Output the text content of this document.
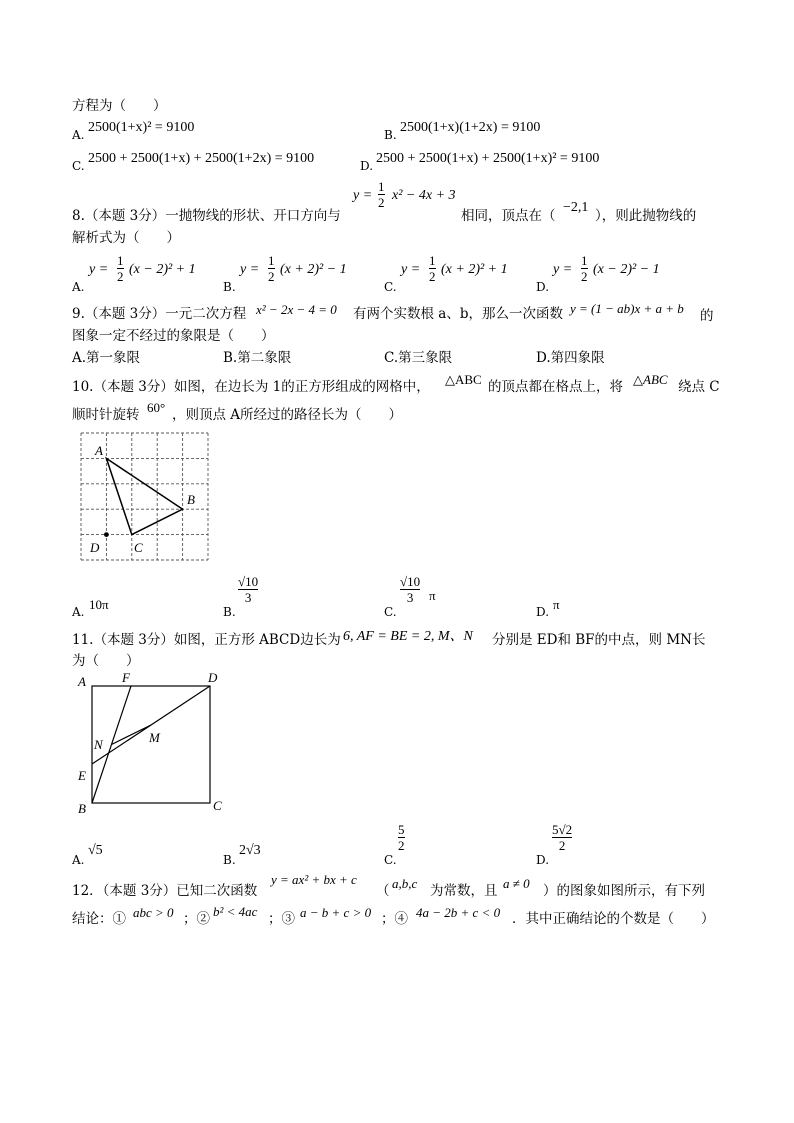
方程为（　　）
A. 2500(1+x)² = 9100	B. 2500(1+x)(1+2x) = 9100
C. 2500 + 2500(1+x) + 2500(1+2x) = 9100	D. 2500 + 2500(1+x) + 2500(1+x)² = 9100
8.（本题 3分）一抛物线的形状、开口方向与
y =
1
2 x² − 4x + 3
相同，顶点在（
−2,1
），则此抛物线的
解析式为（　　）
A.
y =
1
2 (x − 2)² + 1
B.
y =
1
2 (x + 2)² − 1
C.
y =
1
2 (x + 2)² + 1
D.
y =
1
2 (x − 2)² − 1
9.（本题 3分）一元二次方程 x² − 2x − 4 = 0 有两个实数根 a、b，那么一次函数 y = (1 − ab)x + a + b 的
图象一定不经过的象限是（　　）
A.第一象限	B.第二象限	C.第三象限	D.第四象限
10.（本题 3分）如图，在边长为 1的正方形组成的网格中， △ABC 的顶点都在格点上，将 △ABC 绕点 C
顺时针旋转 60° ，则顶点 A所经过的路径长为（　　）
A
B
C
D
A. 10π	B.
√10
3
C.
√10
3 π
D. π
11.（本题 3分）如图，正方形 ABCD边长为 6, AF = BE = 2, M、N 分别是 ED和 BF的中点，则 MN长
为（　　）
A	F	D
N	M
E
B	C
A.
√5
B.
2√3
C.
5
2
D.
5√2
2
12．（本题 3分）已知二次函数
y = ax² + bx + c
（ a,b,c 为常数，且 a ≠ 0 ）的图象如图所示，有下列
结论：① abc > 0 ；② b² < 4ac ；③ a − b + c > 0 ；④ 4a − 2b + c < 0 ．其中正确结论的个数是（　　）
